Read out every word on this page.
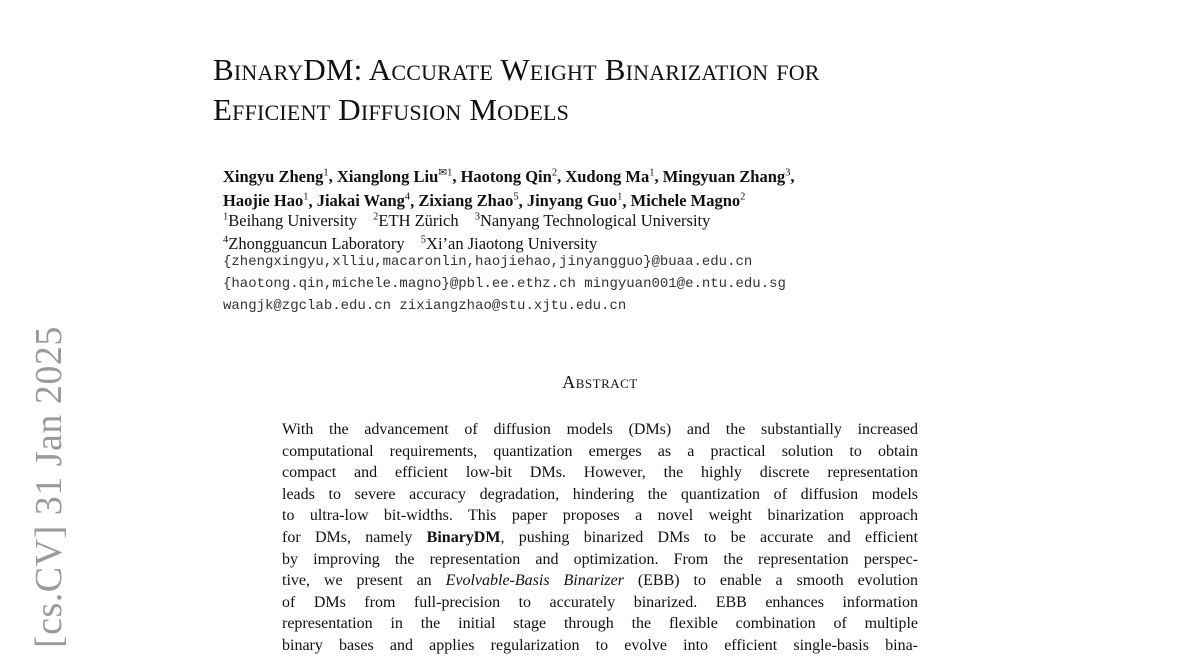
[cs.CV] 31 Jan 2025
BinaryDM: Accurate Weight Binarization for
Efficient Diffusion Models
Xingyu Zheng$^1$, Xianglong Liu$^{✉1}$, Haotong Qin$^2$, Xudong Ma$^1$, Mingyuan Zhang$^3$,
Haojie Hao$^1$, Jiakai Wang$^4$, Zixiang Zhao$^5$, Jinyang Guo$^1$, Michele Magno$^2$
$^1$Beihang University $^2$ETH Zürich $^3$Nanyang Technological University
$^4$Zhongguancun Laboratory $^5$Xi’an Jiaotong University
{zhengxingyu,xlliu,macaronlin,haojiehao,jinyangguo}@buaa.edu.cn
{haotong.qin,michele.magno}@pbl.ee.ethz.ch mingyuan001@e.ntu.edu.sg
wangjk@zgclab.edu.cn zixiangzhao@stu.xjtu.edu.cn
Abstract
With the advancement of diffusion models (DMs) and the substantially increased
computational requirements, quantization emerges as a practical solution to obtain
compact and efficient low-bit DMs. However, the highly discrete representation
leads to severe accuracy degradation, hindering the quantization of diffusion models
to ultra-low bit-widths. This paper proposes a novel weight binarization approach
for DMs, namely BinaryDM, pushing binarized DMs to be accurate and efficient
by improving the representation and optimization. From the representation perspec-
tive, we present an Evolvable-Basis Binarizer (EBB) to enable a smooth evolution
of DMs from full-precision to accurately binarized. EBB enhances information
representation in the initial stage through the flexible combination of multiple
binary bases and applies regularization to evolve into efficient single-basis bina-
